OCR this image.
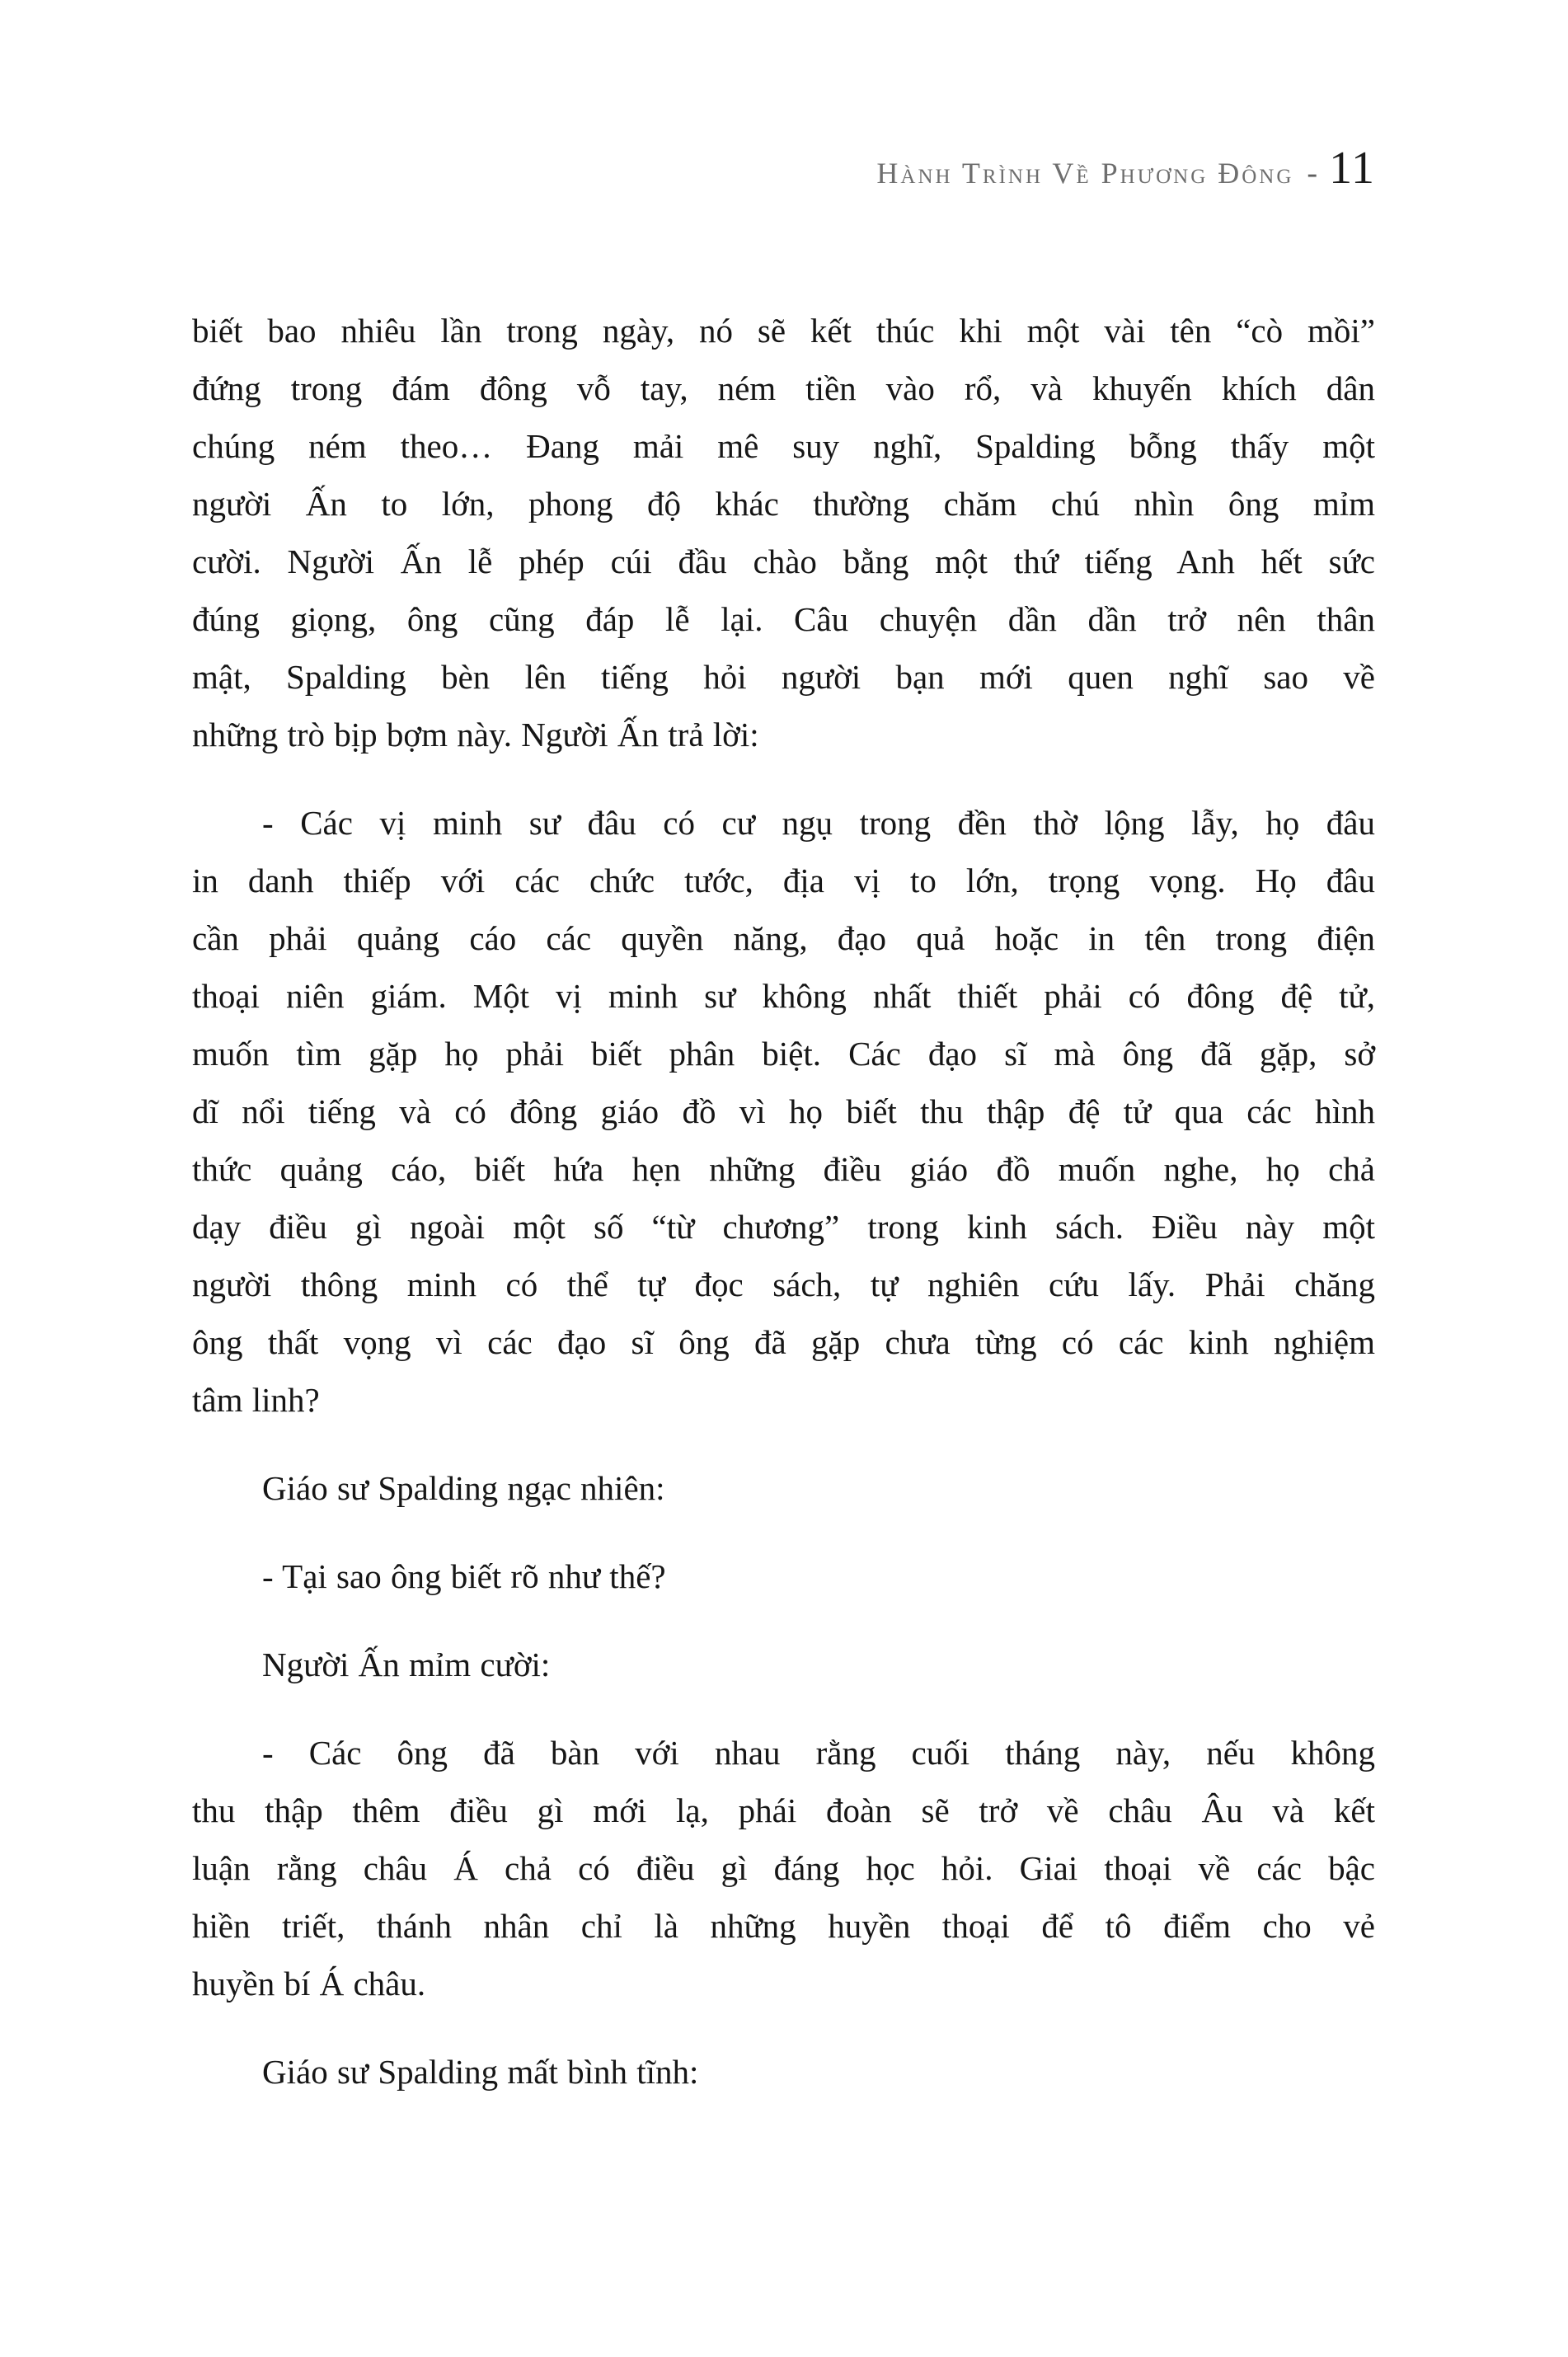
Hành Trình Về Phương Đông - 11
biết bao nhiêu lần trong ngày, nó sẽ kết thúc khi một vài tên “cò mồi”
đứng trong đám đông vỗ tay, ném tiền vào rổ, và khuyến khích dân
chúng ném theo… Đang mải mê suy nghĩ, Spalding bỗng thấy một
người Ấn to lớn, phong độ khác thường chăm chú nhìn ông mỉm
cười. Người Ấn lễ phép cúi đầu chào bằng một thứ tiếng Anh hết sức
đúng giọng, ông cũng đáp lễ lại. Câu chuyện dần dần trở nên thân
mật, Spalding bèn lên tiếng hỏi người bạn mới quen nghĩ sao về
những trò bịp bợm này. Người Ấn trả lời:
- Các vị minh sư đâu có cư ngụ trong đền thờ lộng lẫy, họ đâu
in danh thiếp với các chức tước, địa vị to lớn, trọng vọng. Họ đâu
cần phải quảng cáo các quyền năng, đạo quả hoặc in tên trong điện
thoại niên giám. Một vị minh sư không nhất thiết phải có đông đệ tử,
muốn tìm gặp họ phải biết phân biệt. Các đạo sĩ mà ông đã gặp, sở
dĩ nổi tiếng và có đông giáo đồ vì họ biết thu thập đệ tử qua các hình
thức quảng cáo, biết hứa hẹn những điều giáo đồ muốn nghe, họ chả
dạy điều gì ngoài một số “từ chương” trong kinh sách. Điều này một
người thông minh có thể tự đọc sách, tự nghiên cứu lấy. Phải chăng
ông thất vọng vì các đạo sĩ ông đã gặp chưa từng có các kinh nghiệm
tâm linh?
Giáo sư Spalding ngạc nhiên:
- Tại sao ông biết rõ như thế?
Người Ấn mỉm cười:
- Các ông đã bàn với nhau rằng cuối tháng này, nếu không
thu thập thêm điều gì mới lạ, phái đoàn sẽ trở về châu Âu và kết
luận rằng châu Á chả có điều gì đáng học hỏi. Giai thoại về các bậc
hiền triết, thánh nhân chỉ là những huyền thoại để tô điểm cho vẻ
huyền bí Á châu.
Giáo sư Spalding mất bình tĩnh:
